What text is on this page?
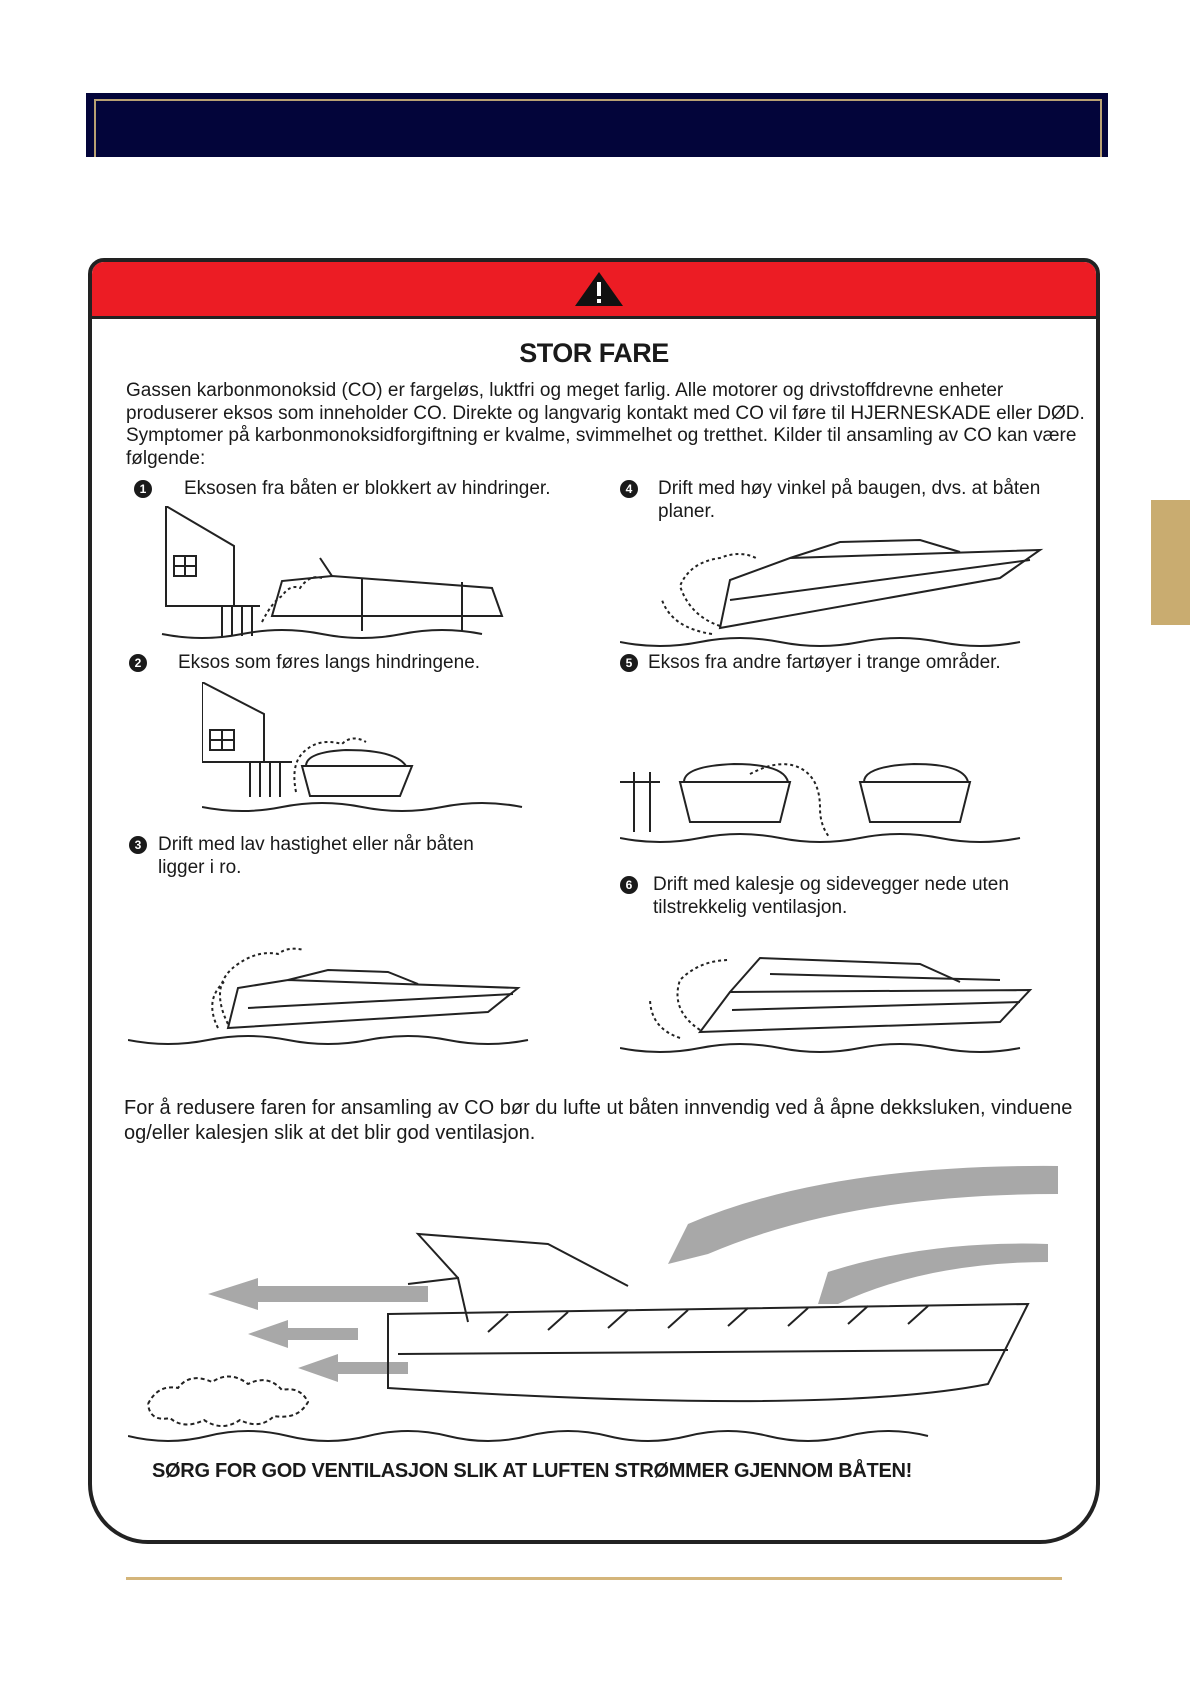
STOR FARE
Gassen karbonmonoksid (CO) er fargeløs, luktfri og meget farlig. Alle motorer og drivstoffdrevne enheter produserer eksos som inneholder CO. Direkte og langvarig kontakt med CO vil føre til HJERNESKADE eller DØD. Symptomer på karbonmonoksidforgiftning er kvalme, svimmelhet og tretthet. Kilder til ansamling av CO kan være følgende:
1 Eksosen fra båten er blokkert av hindringer.
2 Eksos som føres langs hindringene.
3 Drift med lav hastighet eller når båten ligger i ro.
4 Drift med høy vinkel på baugen, dvs. at båten planer.
5 Eksos fra andre fartøyer i trange områder.
6 Drift med kalesje og sidevegger nede uten tilstrekkelig ventilasjon.
For å redusere faren for ansamling av CO bør du lufte ut båten innvendig ved å åpne dekksluken, vinduene og/eller kalesjen slik at det blir god ventilasjon.
SØRG FOR GOD VENTILASJON SLIK AT LUFTEN STRØMMER GJENNOM BÅTEN!
